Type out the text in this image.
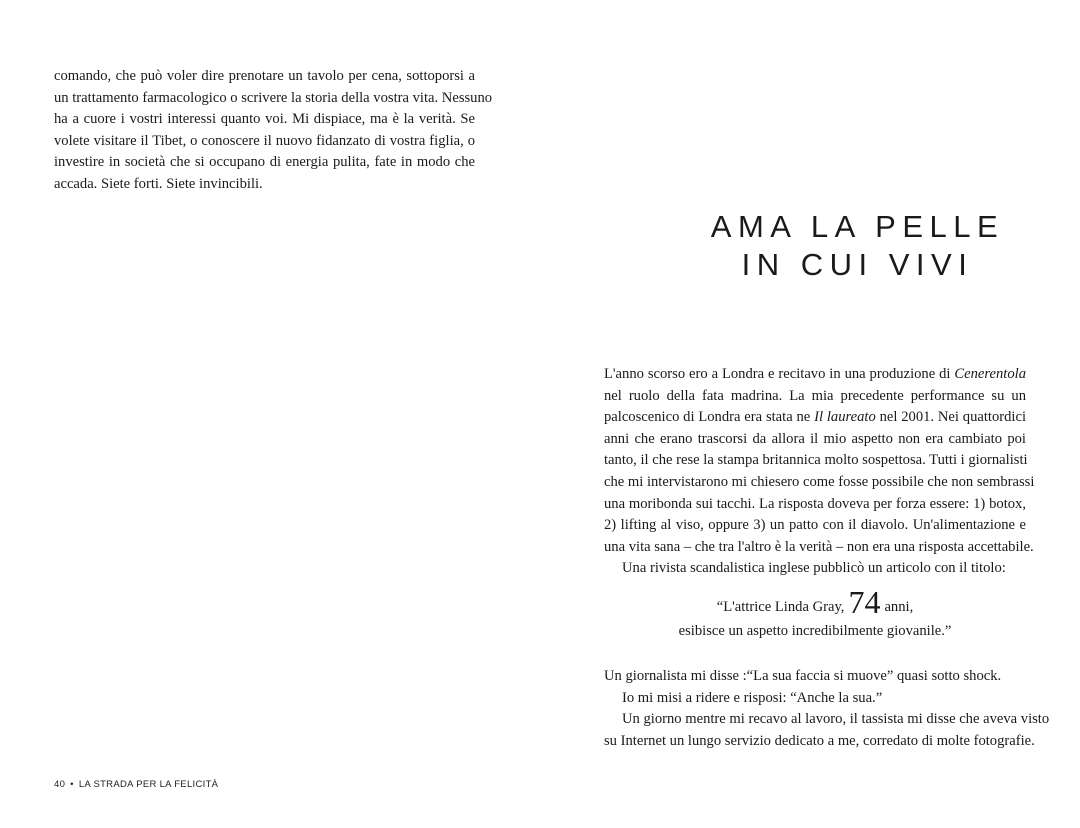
comando, che può voler dire prenotare un tavolo per cena, sottoporsi a
un trattamento farmacologico o scrivere la storia della vostra vita. Nessuno
ha a cuore i vostri interessi quanto voi. Mi dispiace, ma è la verità. Se
volete visitare il Tibet, o conoscere il nuovo fidanzato di vostra figlia, o
investire in società che si occupano di energia pulita, fate in modo che
accada. Siete forti. Siete invincibili.
40 • LA STRADA PER LA FELICITÀ
AMA LA PELLE
IN CUI VIVI
L'anno scorso ero a Londra e recitavo in una produzione di Cenerentola
nel ruolo della fata madrina. La mia precedente performance su un
palcoscenico di Londra era stata ne Il laureato nel 2001. Nei quattordici
anni che erano trascorsi da allora il mio aspetto non era cambiato poi
tanto, il che rese la stampa britannica molto sospettosa. Tutti i giornalisti
che mi intervistarono mi chiesero come fosse possibile che non sembrassi
una moribonda sui tacchi. La risposta doveva per forza essere: 1) botox,
2) lifting al viso, oppure 3) un patto con il diavolo. Un'alimentazione e
una vita sana – che tra l'altro è la verità – non era una risposta accettabile.
Una rivista scandalistica inglese pubblicò un articolo con il titolo:
“L'attrice Linda Gray, 74 anni,
esibisce un aspetto incredibilmente giovanile.”
Un giornalista mi disse :“La sua faccia si muove” quasi sotto shock.
Io mi misi a ridere e risposi: “Anche la sua.”
Un giorno mentre mi recavo al lavoro, il tassista mi disse che aveva visto
su Internet un lungo servizio dedicato a me, corredato di molte fotografie.
